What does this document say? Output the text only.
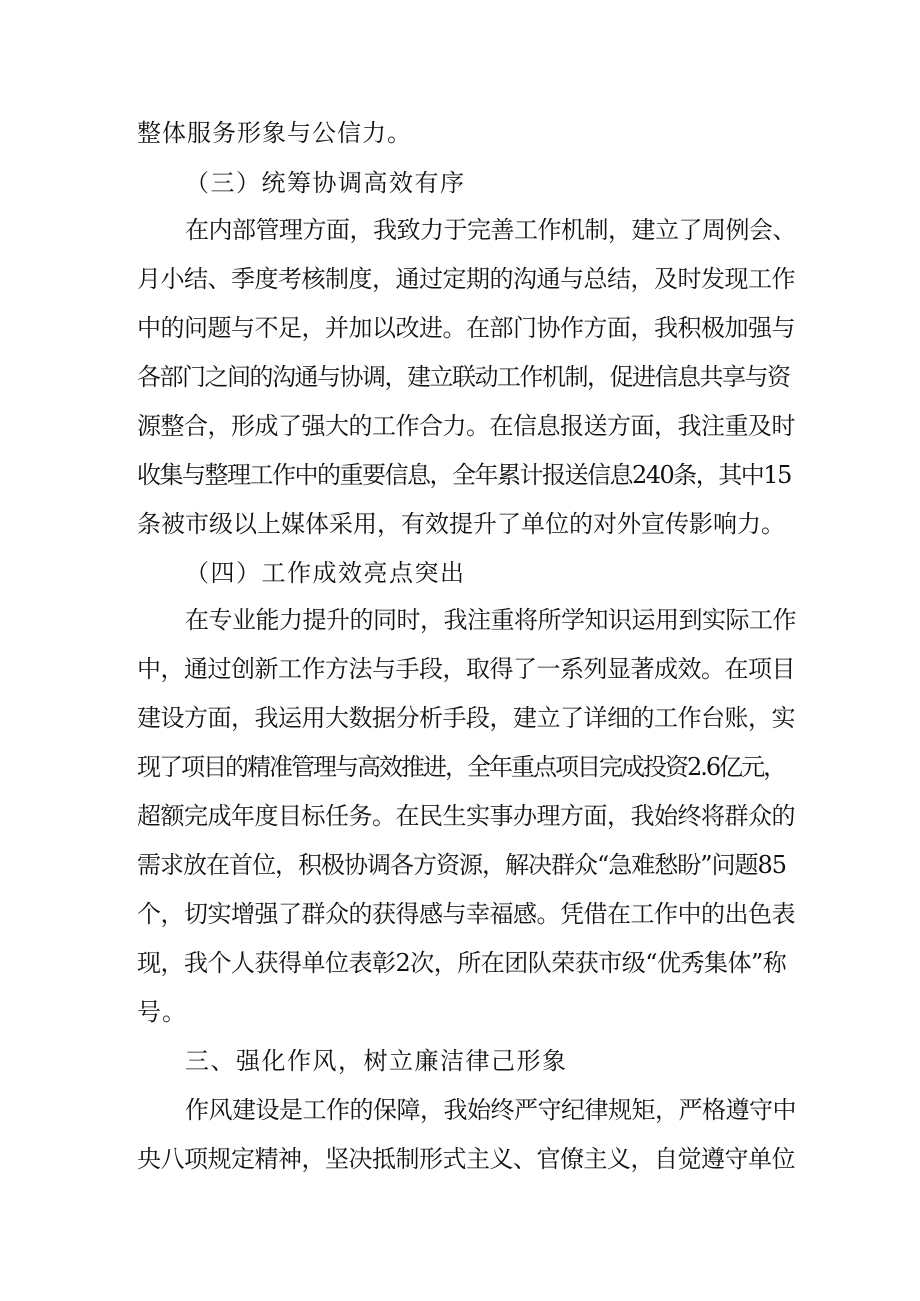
整体服务形象与公信力。
（三）统筹协调高效有序
在内部管理方面，我致力于完善工作机制，建立了周例会、
月小结、季度考核制度，通过定期的沟通与总结，及时发现工作
中的问题与不足，并加以改进。在部门协作方面，我积极加强与
各部门之间的沟通与协调，建立联动工作机制，促进信息共享与资
源整合，形成了强大的工作合力。在信息报送方面，我注重及时
收集与整理工作中的重要信息，全年累计报送信息240条，其中15
条被市级以上媒体采用，有效提升了单位的对外宣传影响力。
（四）工作成效亮点突出
在专业能力提升的同时，我注重将所学知识运用到实际工作
中，通过创新工作方法与手段，取得了一系列显著成效。在项目
建设方面，我运用大数据分析手段，建立了详细的工作台账，实
现了项目的精准管理与高效推进，全年重点项目完成投资2.6亿元，
超额完成年度目标任务。在民生实事办理方面，我始终将群众的
需求放在首位，积极协调各方资源，解决群众“急难愁盼”问题85
个，切实增强了群众的获得感与幸福感。凭借在工作中的出色表
现，我个人获得单位表彰2次，所在团队荣获市级“优秀集体”称
号。
三、强化作风，树立廉洁律己形象
作风建设是工作的保障，我始终严守纪律规矩，严格遵守中
央八项规定精神，坚决抵制形式主义、官僚主义，自觉遵守单位
